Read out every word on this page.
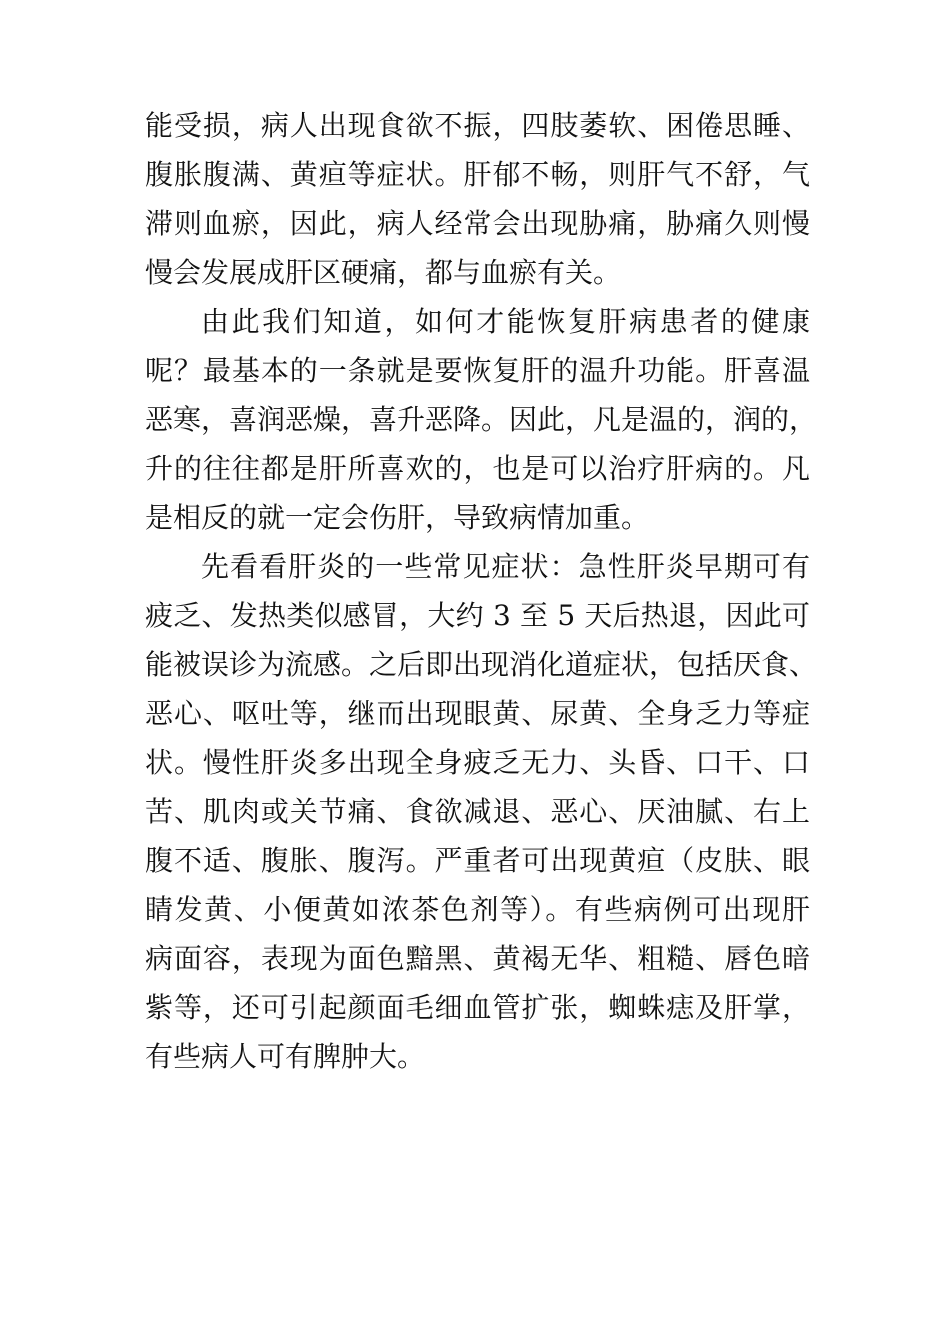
能受损，病人出现食欲不振，四肢萎软、困倦思睡、
腹胀腹满、黄疸等症状。肝郁不畅，则肝气不舒，气
滞则血瘀，因此，病人经常会出现胁痛，胁痛久则慢
慢会发展成肝区硬痛，都与血瘀有关。
由此我们知道，如何才能恢复肝病患者的健康
呢？最基本的一条就是要恢复肝的温升功能。肝喜温
恶寒，喜润恶燥，喜升恶降。因此，凡是温的，润的，
升的往往都是肝所喜欢的，也是可以治疗肝病的。凡
是相反的就一定会伤肝，导致病情加重。
先看看肝炎的一些常见症状：急性肝炎早期可有
疲乏、发热类似感冒，大约 3 至 5 天后热退，因此可
能被误诊为流感。之后即出现消化道症状，包括厌食、
恶心、呕吐等，继而出现眼黄、尿黄、全身乏力等症
状。慢性肝炎多出现全身疲乏无力、头昏、口干、口
苦、肌肉或关节痛、食欲减退、恶心、厌油腻、右上
腹不适、腹胀、腹泻。严重者可出现黄疸（皮肤、眼
睛发黄、小便黄如浓茶色剂等）。有些病例可出现肝
病面容，表现为面色黯黑、黄褐无华、粗糙、唇色暗
紫等，还可引起颜面毛细血管扩张，蜘蛛痣及肝掌，
有些病人可有脾肿大。
